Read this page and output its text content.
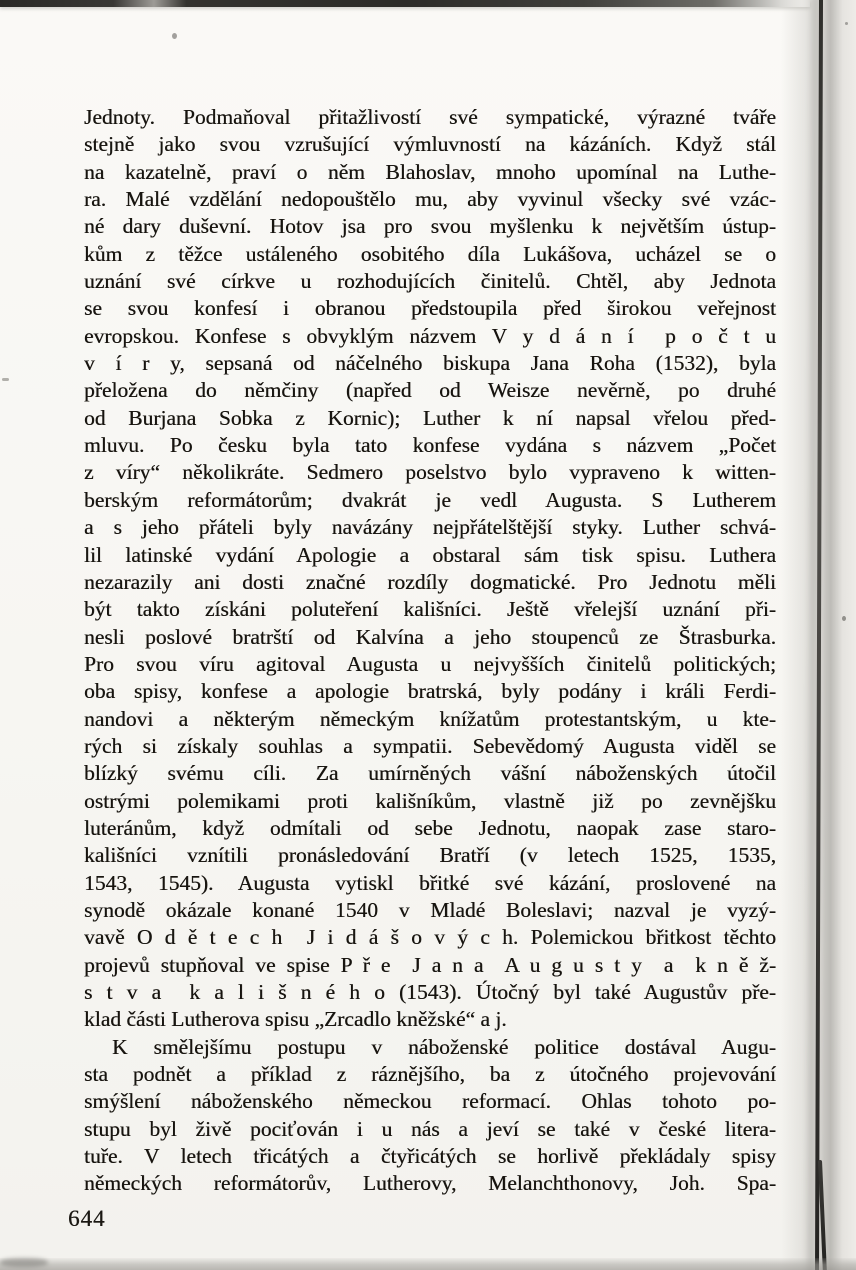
Jednoty. Podmaňoval přitažlivostí své sympatické, výrazné tváře
stejně jako svou vzrušující výmluvností na kázáních. Když stál
na kazatelně, praví o něm Blahoslav, mnoho upomínal na Luthe-
ra. Malé vzdělání nedopouštělo mu, aby vyvinul všecky své vzác-
né dary duševní. Hotov jsa pro svou myšlenku k největším ústup-
kům z těžce ustáleného osobitého díla Lukášova, ucházel se o
uznání své církve u rozhodujících činitelů. Chtěl, aby Jednota
se svou konfesí i obranou předstoupila před širokou veřejnost
evropskou. Konfese s obvyklým názvem V y d á n í  p o č t u
v í r y, sepsaná od náčelného biskupa Jana Roha (1532), byla
přeložena do němčiny (napřed od Weisze nevěrně, po druhé
od Burjana Sobka z Kornic); Luther k ní napsal vřelou před-
mluvu. Po česku byla tato konfese vydána s názvem „Počet
z víry“ několikráte. Sedmero poselstvo bylo vypraveno k witten-
berským reformátorům; dvakrát je vedl Augusta. S Lutherem
a s jeho přáteli byly navázány nejpřátelštější styky. Luther schvá-
lil latinské vydání Apologie a obstaral sám tisk spisu. Luthera
nezarazily ani dosti značné rozdíly dogmatické. Pro Jednotu měli
být takto získáni poluteření kališníci. Ještě vřelejší uznání při-
nesli poslové bratrští od Kalvína a jeho stoupenců ze Štrasburka.
Pro svou víru agitoval Augusta u nejvyšších činitelů politických;
oba spisy, konfese a apologie bratrská, byly podány i králi Ferdi-
nandovi a některým německým knížatům protestantským, u kte-
rých si získaly souhlas a sympatii. Sebevědomý Augusta viděl se
blízký svému cíli. Za umírněných vášní náboženských útočil
ostrými polemikami proti kališníkům, vlastně již po zevnějšku
luteránům, když odmítali od sebe Jednotu, naopak zase staro-
kališníci vznítili pronásledování Bratří (v letech 1525, 1535,
1543, 1545). Augusta vytiskl břitké své kázání, proslovené na
synodě okázale konané 1540 v Mladé Boleslavi; nazval je vyzý-
vavě O d ě t e c h  J i d á š o v ý c h. Polemickou břitkost těchto
projevů stupňoval ve spise P ř e  J a n a  A u g u s t y  a  k n ě ž-
s t v a  k a l i š n é h o (1543). Útočný byl také Augustův pře-
klad části Lutherova spisu „Zrcadlo kněžské“ a j.
K smělejšímu postupu v náboženské politice dostával Augu-
sta podnět a příklad z ráznějšího, ba z útočného projevování
smýšlení náboženského německou reformací. Ohlas tohoto po-
stupu byl živě pociťován i u nás a jeví se také v české litera-
tuře. V letech třicátých a čtyřicátých se horlivě překládaly spisy
německých reformátorův, Lutherovy, Melanchthonovy, Joh. Spa-
644
